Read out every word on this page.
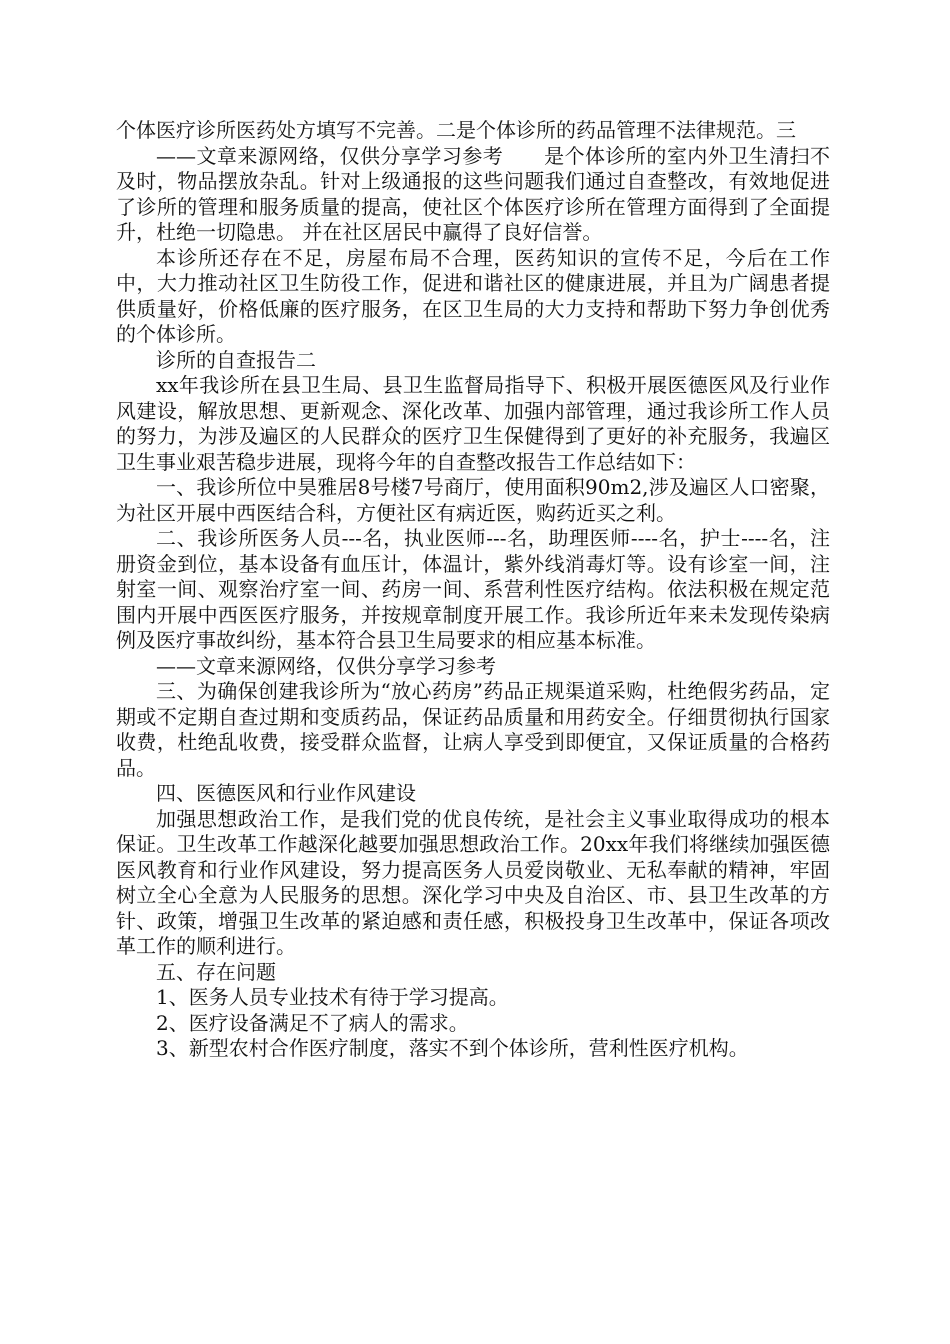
个体医疗诊所医药处方填写不完善。二是个体诊所的药品管理不法律规范。三

——文章来源网络，仅供分享学习参考　　是个体诊所的室内外卫生清扫不及时，物品摆放杂乱。针对上级通报的这些问题我们通过自查整改，有效地促进了诊所的管理和服务质量的提高，使社区个体医疗诊所在管理方面得到了全面提升，杜绝一切隐患。 并在社区居民中赢得了良好信誉。

本诊所还存在不足，房屋布局不合理，医药知识的宣传不足，今后在工作中，大力推动社区卫生防役工作，促进和谐社区的健康进展，并且为广阔患者提供质量好，价格低廉的医疗服务，在区卫生局的大力支持和帮助下努力争创优秀的个体诊所。

诊所的自查报告二

xx年我诊所在县卫生局、县卫生监督局指导下、积极开展医德医风及行业作风建设，解放思想、更新观念、深化改革、加强内部管理，通过我诊所工作人员的努力，为涉及遍区的人民群众的医疗卫生保健得到了更好的补充服务，我遍区卫生事业艰苦稳步进展，现将今年的自查整改报告工作总结如下：

一、我诊所位中昊雅居8号楼7号商厅，使用面积90m2,涉及遍区人口密聚，为社区开展中西医结合科，方便社区有病近医，购药近买之利。

二、我诊所医务人员---名，执业医师---名，助理医师----名，护士----名，注册资金到位，基本设备有血压计，体温计，紫外线消毒灯等。设有诊室一间，注射室一间、观察治疗室一间、药房一间、系营利性医疗结构。依法积极在规定范围内开展中西医医疗服务，并按规章制度开展工作。我诊所近年来未发现传染病例及医疗事故纠纷，基本符合县卫生局要求的相应基本标准。

——文章来源网络，仅供分享学习参考

三、为确保创建我诊所为“放心药房”药品正规渠道采购，杜绝假劣药品，定期或不定期自查过期和变质药品，保证药品质量和用药安全。仔细贯彻执行国家收费，杜绝乱收费，接受群众监督，让病人享受到即便宜，又保证质量的合格药品。

四、医德医风和行业作风建设

加强思想政治工作，是我们党的优良传统，是社会主义事业取得成功的根本保证。卫生改革工作越深化越要加强思想政治工作。20xx年我们将继续加强医德医风教育和行业作风建设，努力提高医务人员爱岗敬业、无私奉献的精神，牢固树立全心全意为人民服务的思想。深化学习中央及自治区、市、县卫生改革的方针、政策，增强卫生改革的紧迫感和责任感，积极投身卫生改革中，保证各项改革工作的顺利进行。

五、存在问题

1、医务人员专业技术有待于学习提高。

2、医疗设备满足不了病人的需求。

3、新型农村合作医疗制度，落实不到个体诊所，营利性医疗机构。
